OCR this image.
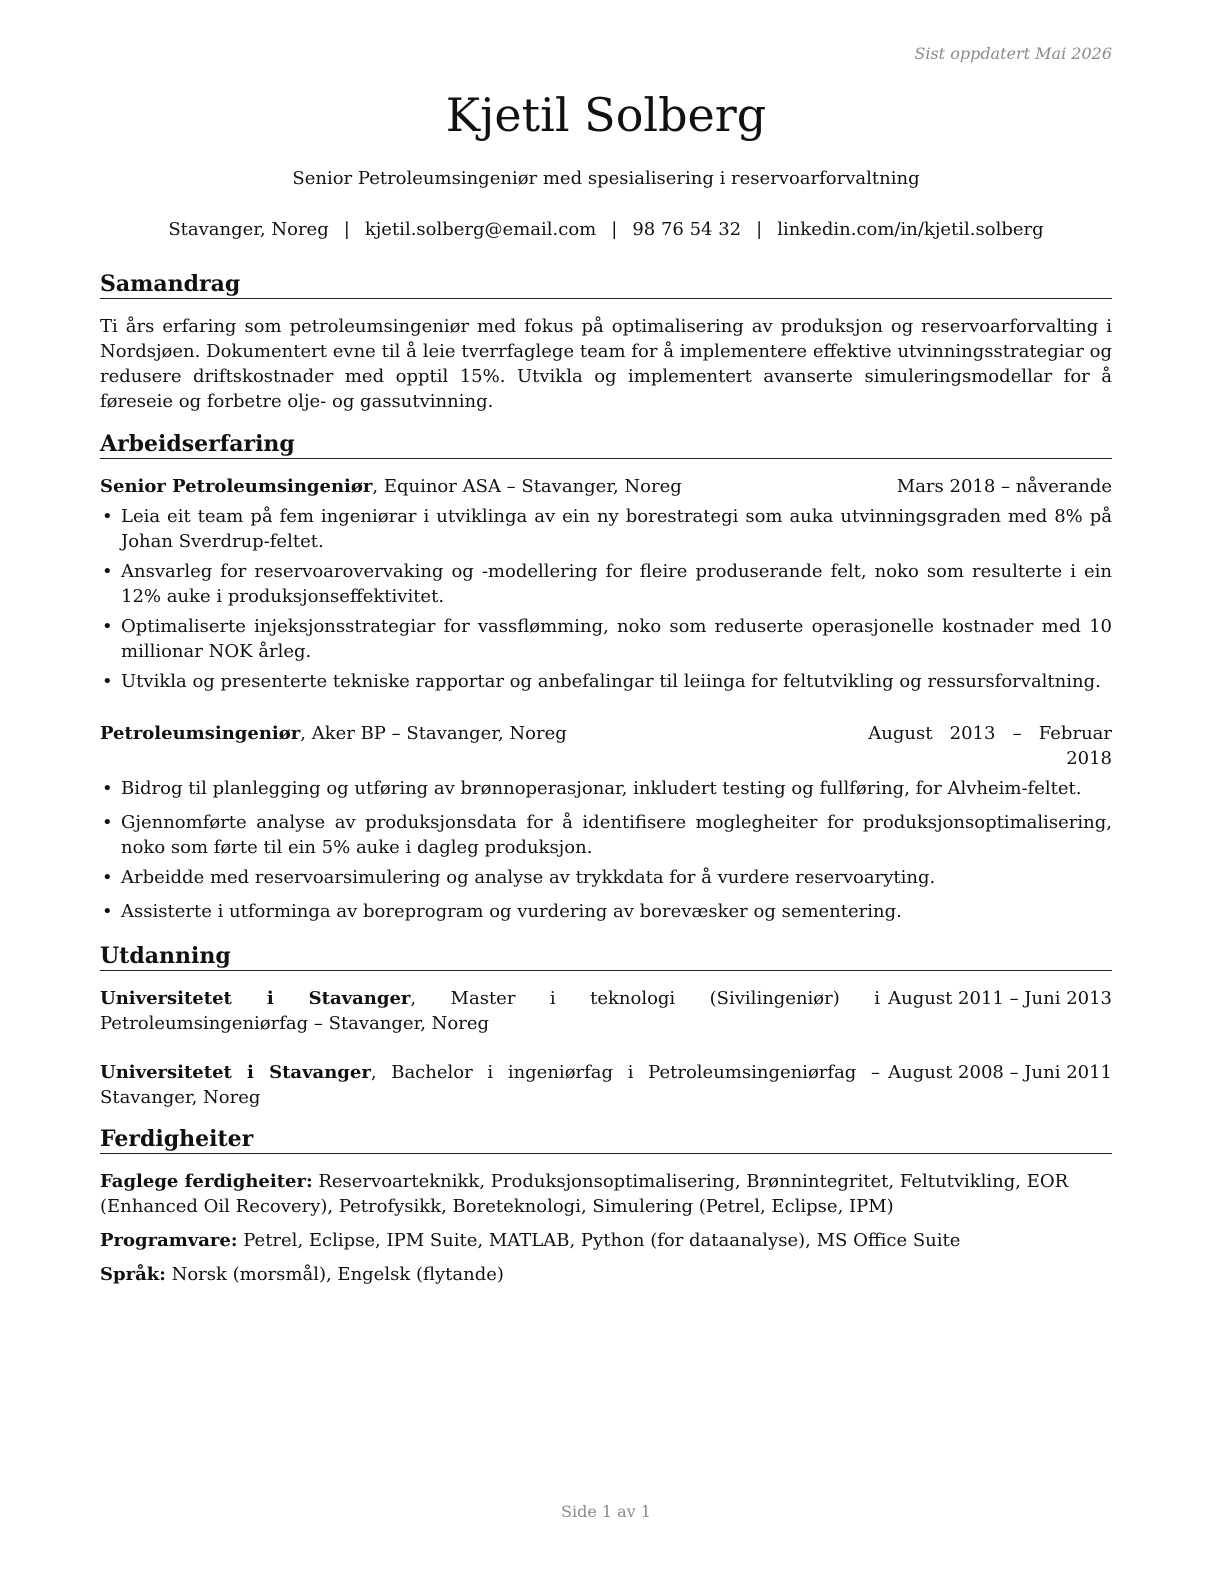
Sist oppdatert Mai 2026
Kjetil Solberg
Senior Petroleumsingeniør med spesialisering i reservoarforvaltning
Stavanger, Noreg | kjetil.solberg@email.com | 98 76 54 32 | linkedin.com/in/kjetil.solberg
Samandrag

Ti års erfaring som petroleumsingeniør med fokus på optimalisering av produksjon og reservoarforvalting i Nordsjøen. Dokumentert evne til å leie tverrfaglege team for å implementere effektive utvinningsstrategiar og redusere driftskostnader med opptil 15%. Utvikla og implementert avanserte simuleringsmodellar for å føreseie og forbetre olje- og gassutvinning.

Arbeidserfaring
Senior Petroleumsingeniør, Equinor ASA – Stavanger, Noreg	Mars 2018 – nåverande
• Leia eit team på fem ingeniørar i utviklinga av ein ny borestrategi som auka utvinningsgraden med 8% på Johan Sverdrup-feltet.
• Ansvarleg for reservoarovervaking og -modellering for fleire produserande felt, noko som resulterte i ein 12% auke i produksjonseffektivitet.
• Optimaliserte injeksjonsstrategiar for vassflømming, noko som reduserte operasjonelle kostnader med 10 millionar NOK årleg.
• Utvikla og presenterte tekniske rapportar og anbefalingar til leiinga for feltutvikling og ressursforvaltning.
Petroleumsingeniør, Aker BP – Stavanger, Noreg	August   2013   –   Februar
2018
• Bidrog til planlegging og utføring av brønnoperasjonar, inkludert testing og fullføring, for Alvheim-feltet.
• Gjennomførte analyse av produksjonsdata for å identifisere moglegheiter for produksjonsoptimalisering, noko som førte til ein 5% auke i dagleg produksjon.
• Arbeidde med reservoarsimulering og analyse av trykkdata for å vurdere reservoaryting.
• Assisterte i utforminga av boreprogram og vurdering av borevæsker og sementering.
Utdanning
Universitetet i Stavanger, Master i teknologi (Sivilingeniør) i Petroleumsingeniørfag – Stavanger, Noreg
August 2011 – Juni 2013
Universitetet i Stavanger, Bachelor i ingeniørfag i Petroleumsingeniørfag – Stavanger, Noreg
August 2008 – Juni 2011
Ferdigheiter
Faglege ferdigheiter: Reservoarteknikk, Produksjonsoptimalisering, Brønnintegritet, Feltutvikling, EOR (Enhanced Oil Recovery), Petrofysikk, Boreteknologi, Simulering (Petrel, Eclipse, IPM)
Programvare: Petrel, Eclipse, IPM Suite, MATLAB, Python (for dataanalyse), MS Office Suite
Språk: Norsk (morsmål), Engelsk (flytande)
Side 1 av 1
